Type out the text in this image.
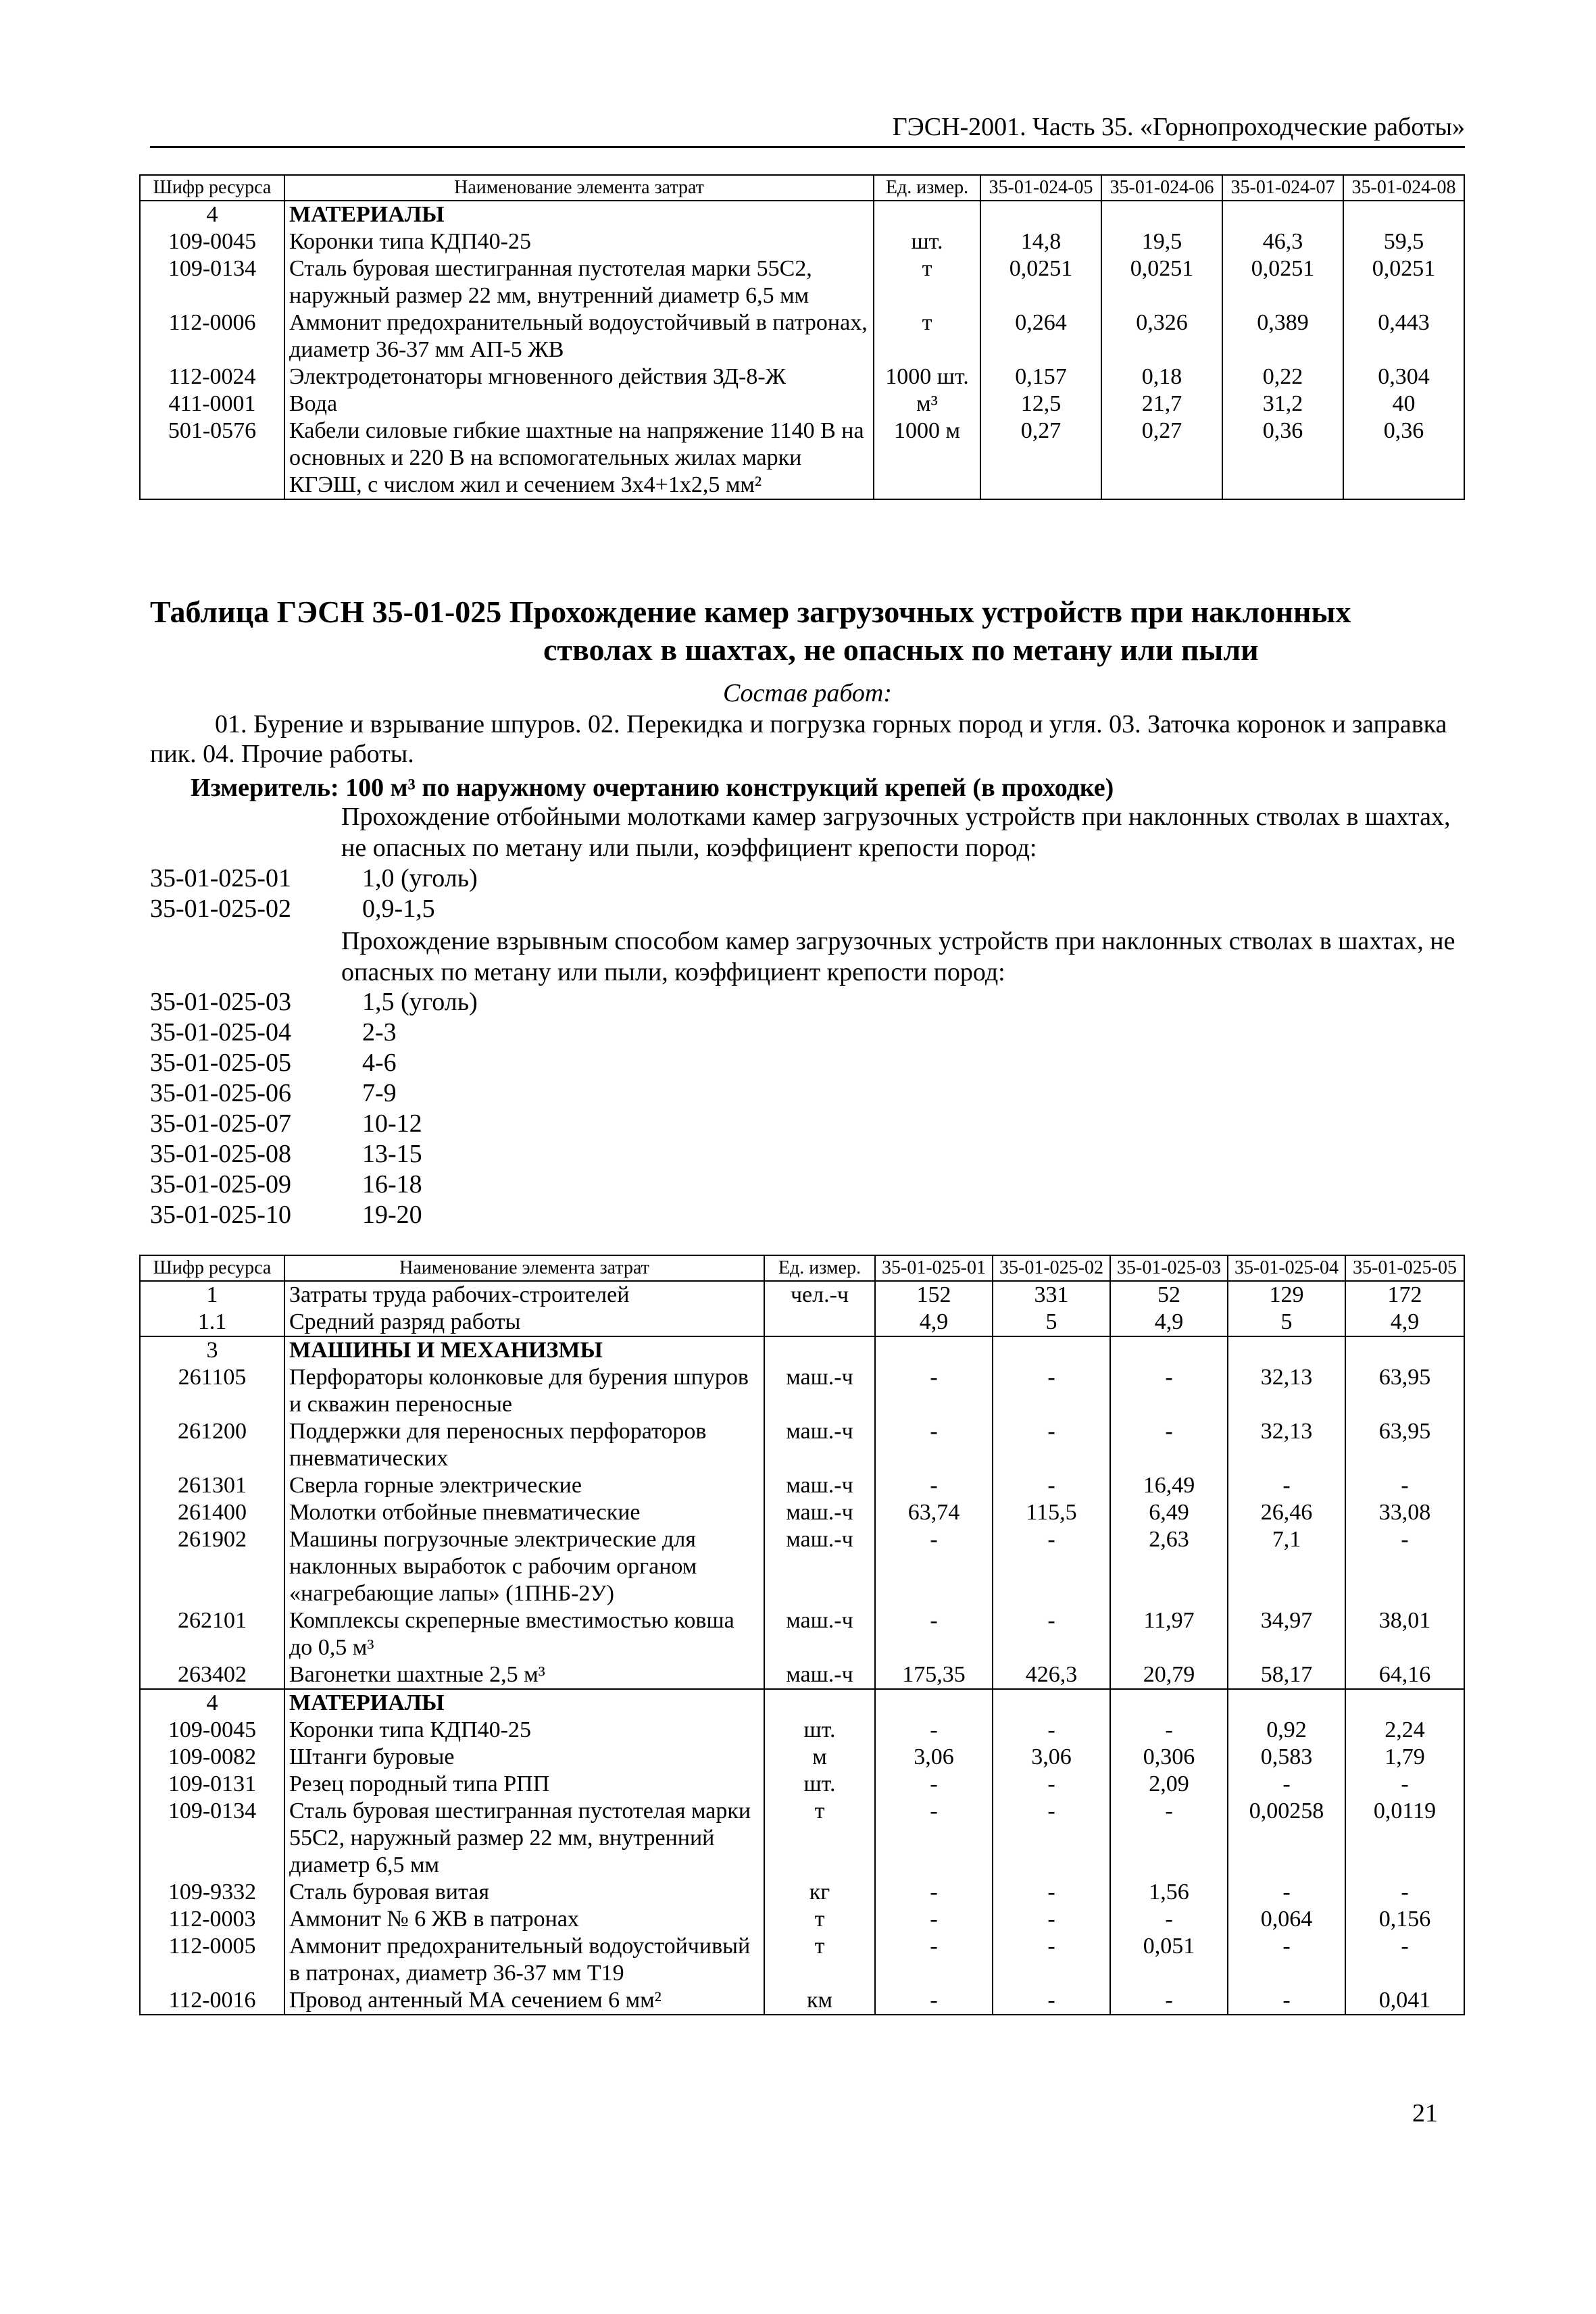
ГЭСН-2001. Часть 35. «Горнопроходческие работы»
Шифр ресурса	Наименование элемента затрат	Ед. измер.	35-01-024-05	35-01-024-06	35-01-024-07	35-01-024-08
4	МАТЕРИАЛЫ					
109-0045	Коронки типа КДП40-25	шт.	14,8	19,5	46,3	59,5
109-0134	Сталь буровая шестигранная пустотелая марки 55С2, наружный размер 22 мм, внутренний диаметр 6,5 мм	т	0,0251	0,0251	0,0251	0,0251
112-0006	Аммонит предохранительный водоустойчивый в патронах, диаметр 36-37 мм АП-5 ЖВ	т	0,264	0,326	0,389	0,443
112-0024	Электродетонаторы мгновенного действия ЗД-8-Ж	1000 шт.	0,157	0,18	0,22	0,304
411-0001	Вода	м³	12,5	21,7	31,2	40
501-0576	Кабели силовые гибкие шахтные на напряжение 1140 В на основных и 220 В на вспомогательных жилах марки КГЭШ, с числом жил и сечением 3х4+1х2,5 мм²	1000 м	0,27	0,27	0,36	0,36
Таблица ГЭСН 35-01-025 Прохождение камер загрузочных устройств при наклонных
стволах в шахтах, не опасных по метану или пыли
Состав работ:
01. Бурение и взрывание шпуров. 02. Перекидка и погрузка горных пород и угля. 03. Заточка коронок и заправка пик. 04. Прочие работы.
Измеритель: 100 м³ по наружному очертанию конструкций крепей (в проходке)
Прохождение отбойными молотками камер загрузочных устройств при наклонных стволах в шахтах, не опасных по метану или пыли, коэффициент крепости пород:
35-01-025-01	1,0 (уголь)
35-01-025-02	0,9-1,5
Прохождение взрывным способом камер загрузочных устройств при наклонных стволах в шахтах, не опасных по метану или пыли, коэффициент крепости пород:
35-01-025-03	1,5 (уголь)
35-01-025-04	2-3
35-01-025-05	4-6
35-01-025-06	7-9
35-01-025-07	10-12
35-01-025-08	13-15
35-01-025-09	16-18
35-01-025-10	19-20
Шифр ресурса	Наименование элемента затрат	Ед. измер.	35-01-025-01	35-01-025-02	35-01-025-03	35-01-025-04	35-01-025-05
1	Затраты труда рабочих-строителей	чел.-ч	152	331	52	129	172
1.1	Средний разряд работы		4,9	5	4,9	5	4,9
3	МАШИНЫ И МЕХАНИЗМЫ						
261105	Перфораторы колонковые для бурения шпуров и скважин переносные	маш.-ч	-	-	-	32,13	63,95
261200	Поддержки для переносных перфораторов пневматических	маш.-ч	-	-	-	32,13	63,95
261301	Сверла горные электрические	маш.-ч	-	-	16,49	-	-
261400	Молотки отбойные пневматические	маш.-ч	63,74	115,5	6,49	26,46	33,08
261902	Машины погрузочные электрические для наклонных выработок с рабочим органом «нагребающие лапы» (1ПНБ-2У)	маш.-ч	-	-	2,63	7,1	-
262101	Комплексы скреперные вместимостью ковша до 0,5 м³	маш.-ч	-	-	11,97	34,97	38,01
263402	Вагонетки шахтные 2,5 м³	маш.-ч	175,35	426,3	20,79	58,17	64,16
4	МАТЕРИАЛЫ						
109-0045	Коронки типа КДП40-25	шт.	-	-	-	0,92	2,24
109-0082	Штанги буровые	м	3,06	3,06	0,306	0,583	1,79
109-0131	Резец породный типа РПП	шт.	-	-	2,09	-	-
109-0134	Сталь буровая шестигранная пустотелая марки 55С2, наружный размер 22 мм, внутренний диаметр 6,5 мм	т	-	-	-	0,00258	0,0119
109-9332	Сталь буровая витая	кг	-	-	1,56	-	-
112-0003	Аммонит № 6 ЖВ в патронах	т	-	-	-	0,064	0,156
112-0005	Аммонит предохранительный водоустойчивый в патронах, диаметр 36-37 мм Т19	т	-	-	0,051	-	-
112-0016	Провод антенный МА сечением 6 мм²	км	-	-	-	-	0,041
21
